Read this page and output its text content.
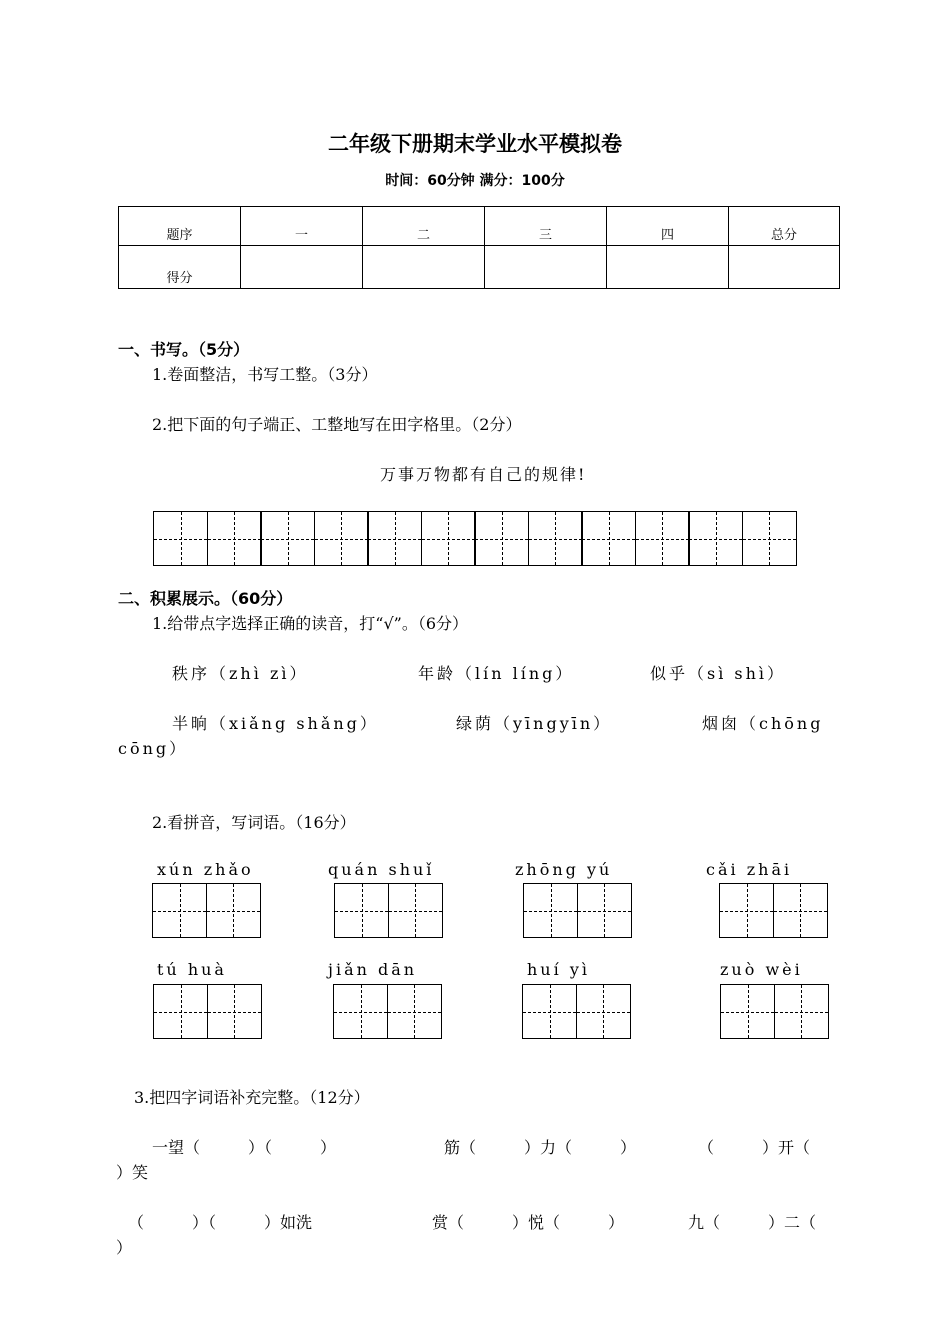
二年级下册期末学业水平模拟卷
时间：60分钟 满分：100分
题序	一	二	三	四	总分
得分					
一、书写。（5分）
1.卷面整洁，书写工整。（3分）
2.把下面的句子端正、工整地写在田字格里。（2分）
万事万物都有自己的规律!
二、积累展示。（60分）
1.给带点字选择正确的读音，打“√”。（6分）
秩序（zhì zì）	年龄（lín líng）	似乎（sì shì）
半晌（xiǎng shǎng）	绿荫（yīngyīn）	烟囱（chōng
cōng）
2.看拼音，写词语。（16分）
xún zhǎo	quán shuǐ	zhōng yú	cǎi zhāi
tú huà	jiǎn dān	huí yì	zuò wèi
3.把四字词语补充完整。（12分）
一望（　　　）（　　　）	筋（　　　）力（　　　）	（　　　）开（
）笑
（　　　）（　　　）如洗	赏（　　　）悦（　　　）	九（　　　）二（
）
